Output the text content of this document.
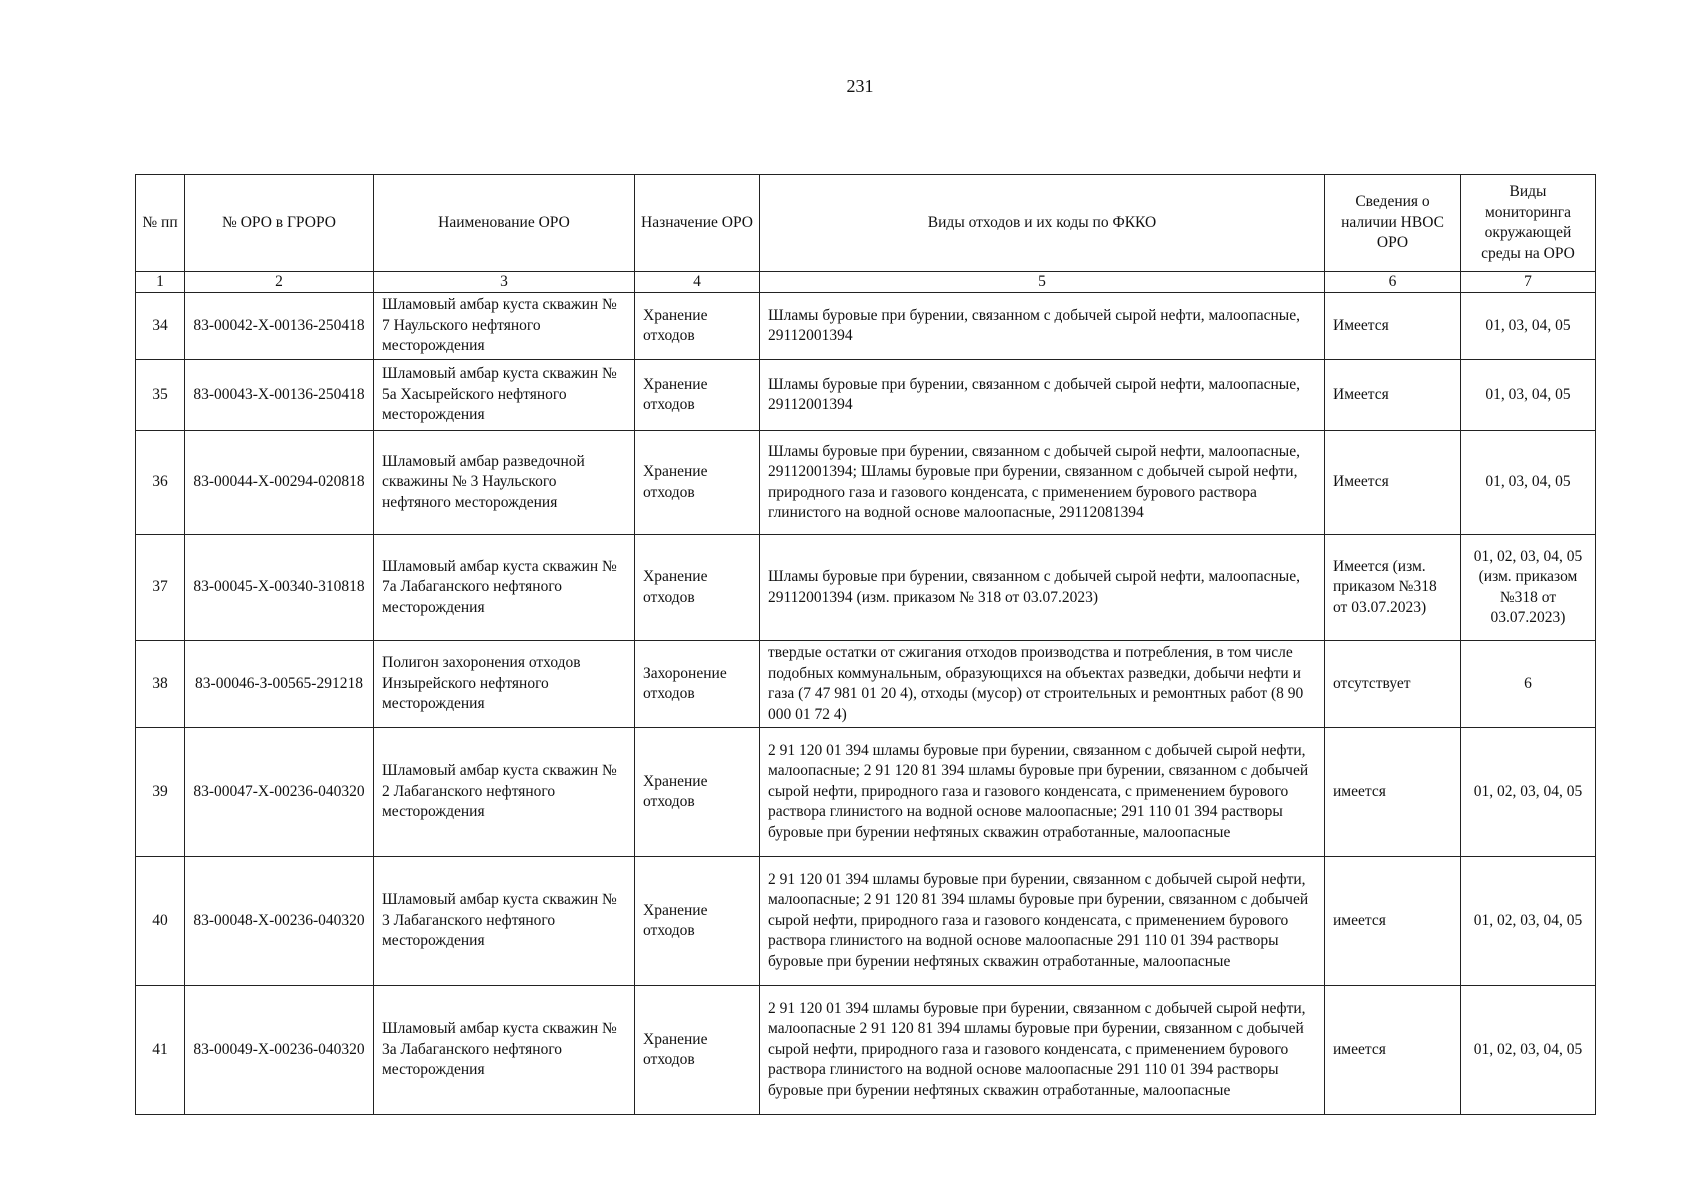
231
№ пп	№ ОРО в ГРОРО	Наименование ОРО	Назначение ОРО	Виды отходов и их коды по ФККО	Сведения о наличии НВОС ОРО	Виды мониторинга окружающей среды на ОРО
1	2	3	4	5	6	7
34	83-00042-Х-00136-250418	Шламовый амбар куста скважин № 7 Наульского нефтяного месторождения	Хранение отходов	Шламы буровые при бурении, связанном с добычей сырой нефти, малоопасные, 29112001394	Имеется	01, 03, 04, 05
35	83-00043-Х-00136-250418	Шламовый амбар куста скважин № 5а Хасырейского нефтяного месторождения	Хранение отходов	Шламы буровые при бурении, связанном с добычей сырой нефти, малоопасные, 29112001394	Имеется	01, 03, 04, 05
36	83-00044-Х-00294-020818	Шламовый амбар разведочной скважины № 3 Наульского нефтяного месторождения	Хранение отходов	Шламы буровые при бурении, связанном с добычей сырой нефти, малоопасные, 29112001394; Шламы буровые при бурении, связанном с добычей сырой нефти, природного газа и газового конденсата, с применением бурового раствора глинистого на водной основе малоопасные, 29112081394	Имеется	01, 03, 04, 05
37	83-00045-Х-00340-310818	Шламовый амбар куста скважин № 7а Лабаганского нефтяного месторождения	Хранение отходов	Шламы буровые при бурении, связанном с добычей сырой нефти, малоопасные, 29112001394 (изм. приказом № 318 от 03.07.2023)	Имеется (изм. приказом №318 от 03.07.2023)	01, 02, 03, 04, 05 (изм. приказом №318 от 03.07.2023)
38	83-00046-З-00565-291218	Полигон захоронения отходов Инзырейского нефтяного месторождения	Захоронение отходов	твердые остатки от сжигания отходов производства и потребления, в том числе подобных коммунальным, образующихся на объектах разведки, добычи нефти и газа (7 47 981 01 20 4), отходы (мусор) от строительных и ремонтных работ (8 90 000 01 72 4)	отсутствует	6
39	83-00047-Х-00236-040320	Шламовый амбар куста скважин № 2 Лабаганского нефтяного месторождения	Хранение отходов	2 91 120 01 394 шламы буровые при бурении, связанном с добычей сырой нефти, малоопасные; 2 91 120 81 394 шламы буровые при бурении, связанном с добычей сырой нефти, природного газа и газового конденсата, с применением бурового раствора глинистого на водной основе малоопасные; 291 110 01 394 растворы буровые при бурении нефтяных скважин отработанные, малоопасные	имеется	01, 02, 03, 04, 05
40	83-00048-Х-00236-040320	Шламовый амбар куста скважин № 3 Лабаганского нефтяного месторождения	Хранение отходов	2 91 120 01 394 шламы буровые при бурении, связанном с добычей сырой нефти, малоопасные; 2 91 120 81 394 шламы буровые при бурении, связанном с добычей сырой нефти, природного газа и газового конденсата, с применением бурового раствора глинистого на водной основе малоопасные 291 110 01 394 растворы буровые при бурении нефтяных скважин отработанные, малоопасные	имеется	01, 02, 03, 04, 05
41	83-00049-Х-00236-040320	Шламовый амбар куста скважин № 3а Лабаганского нефтяного месторождения	Хранение отходов	2 91 120 01 394 шламы буровые при бурении, связанном с добычей сырой нефти, малоопасные 2 91 120 81 394 шламы буровые при бурении, связанном с добычей сырой нефти, природного газа и газового конденсата, с применением бурового раствора глинистого на водной основе малоопасные 291 110 01 394 растворы буровые при бурении нефтяных скважин отработанные, малоопасные	имеется	01, 02, 03, 04, 05
